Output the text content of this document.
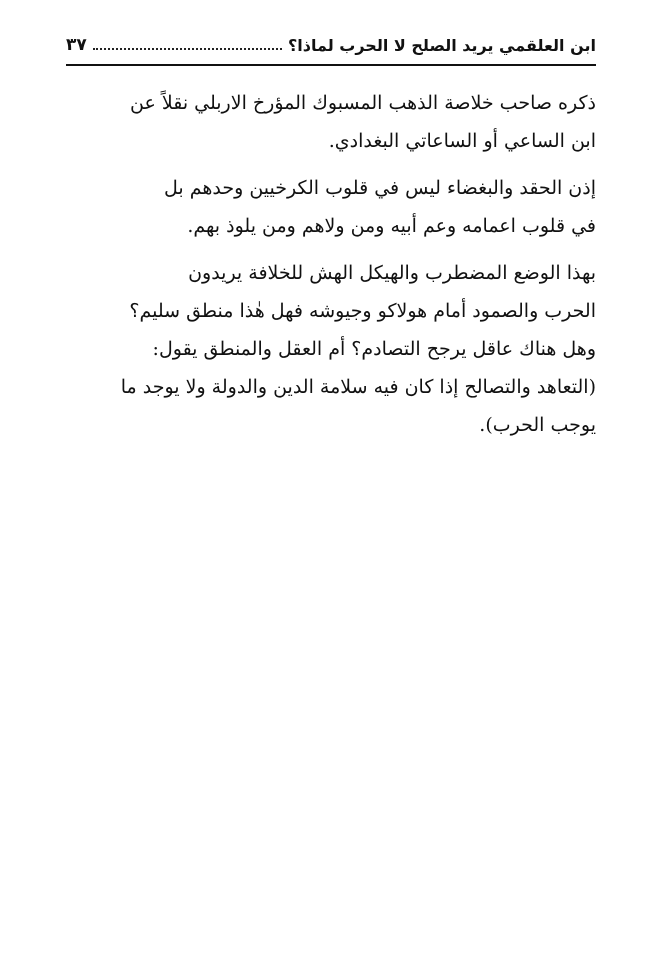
ابن العلقمي يريد الصلح لا الحرب لماذا؟
٣٧

ذكره صاحب خلاصة الذهب المسبوك المؤرخ الاربلي نقلاً عن
ابن الساعي أو الساعاتي البغدادي.

إذن الحقد والبغضاء ليس في قلوب الكرخيين وحدهم بل
في قلوب اعمامه وعم أبيه ومن ولاهم ومن يلوذ بهم.

بهذا الوضع المضطرب والهيكل الهش للخلافة يريدون
الحرب والصمود أمام هولاكو وجيوشه فهل هٰذا منطق سليم؟
وهل هناك عاقل يرجح التصادم؟ أم العقل والمنطق يقول:
(التعاهد والتصالح إذا كان فيه سلامة الدين والدولة ولا يوجد ما
يوجب الحرب).
